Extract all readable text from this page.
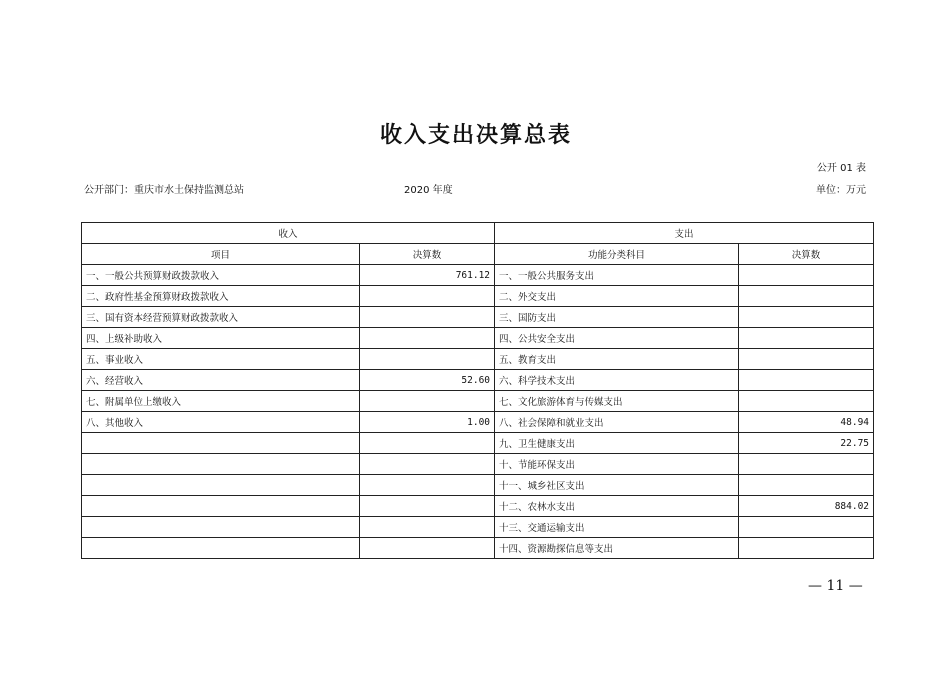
收入支出决算总表
公开 01 表
公开部门：重庆市水土保持监测总站	2020 年度	单位：万元
收入		支出	
项目	决算数	功能分类科目	决算数
一、一般公共预算财政拨款收入	761.12	一、一般公共服务支出	
二、政府性基金预算财政拨款收入		二、外交支出	
三、国有资本经营预算财政拨款收入		三、国防支出	
四、上级补助收入		四、公共安全支出	
五、事业收入		五、教育支出	
六、经营收入	52.60	六、科学技术支出	
七、附属单位上缴收入		七、文化旅游体育与传媒支出	
八、其他收入	1.00	八、社会保障和就业支出	48.94
		九、卫生健康支出	22.75
		十、节能环保支出	
		十一、城乡社区支出	
		十二、农林水支出	884.02
		十三、交通运输支出	
		十四、资源勘探信息等支出	
— 11 —
